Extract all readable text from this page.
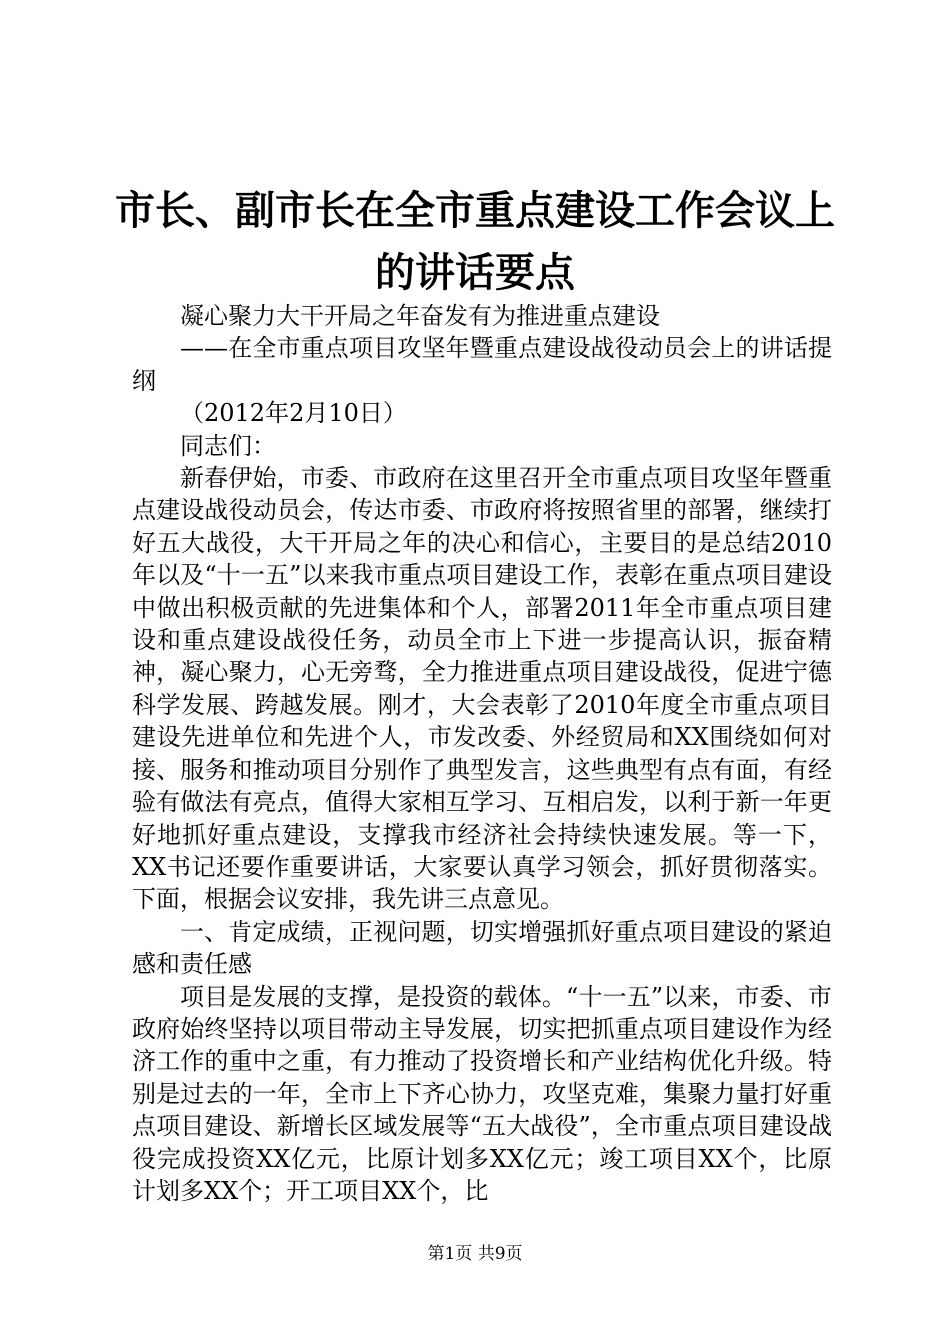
市长、副市长在全市重点建设工作会议上的讲话要点

凝心聚力大干开局之年奋发有为推进重点建设

——在全市重点项目攻坚年暨重点建设战役动员会上的讲话提纲

（2012年2月10日）

同志们：

新春伊始，市委、市政府在这里召开全市重点项目攻坚年暨重点建设战役动员会，传达市委、市政府将按照省里的部署，继续打好五大战役，大干开局之年的决心和信心，主要目的是总结2010年以及“十一五”以来我市重点项目建设工作，表彰在重点项目建设中做出积极贡献的先进集体和个人，部署2011年全市重点项目建设和重点建设战役任务，动员全市上下进一步提高认识，振奋精神，凝心聚力，心无旁骛，全力推进重点项目建设战役，促进宁德科学发展、跨越发展。刚才，大会表彰了2010年度全市重点项目建设先进单位和先进个人，市发改委、外经贸局和XX围绕如何对接、服务和推动项目分别作了典型发言，这些典型有点有面，有经验有做法有亮点，值得大家相互学习、互相启发，以利于新一年更好地抓好重点建设，支撑我市经济社会持续快速发展。等一下，XX书记还要作重要讲话，大家要认真学习领会，抓好贯彻落实。下面，根据会议安排，我先讲三点意见。

一、肯定成绩，正视问题，切实增强抓好重点项目建设的紧迫感和责任感

项目是发展的支撑，是投资的载体。“十一五”以来，市委、市政府始终坚持以项目带动主导发展，切实把抓重点项目建设作为经济工作的重中之重，有力推动了投资增长和产业结构优化升级。特别是过去的一年，全市上下齐心协力，攻坚克难，集聚力量打好重点项目建设、新增长区域发展等“五大战役”，全市重点项目建设战役完成投资XX亿元，比原计划多XX亿元；竣工项目XX个，比原计划多XX个；开工项目XX个，比

第1页 共9页
